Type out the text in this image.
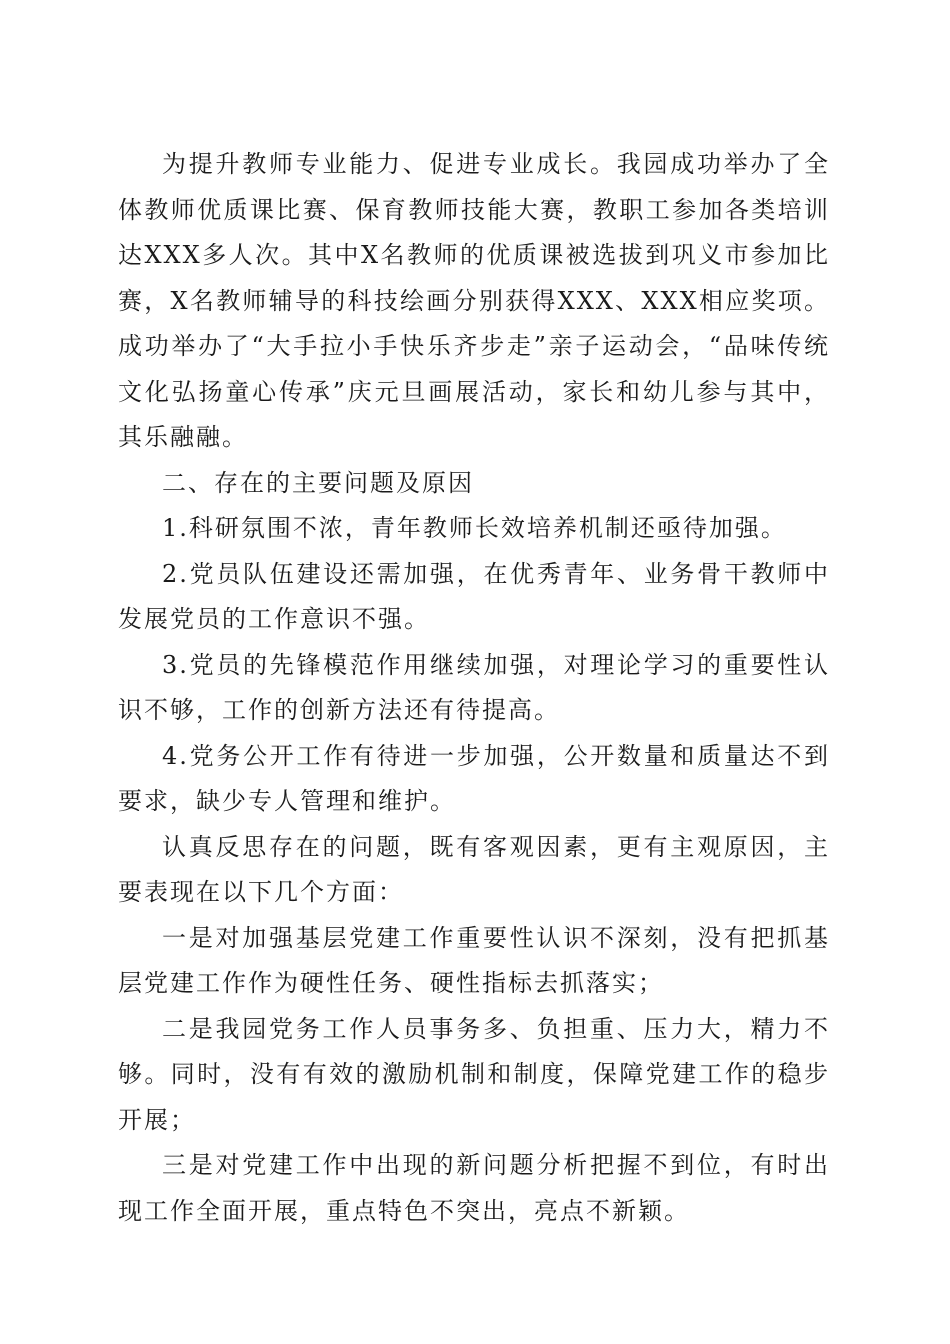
为提升教师专业能力、促进专业成长。我园成功举办了全体教师优质课比赛、保育教师技能大赛，教职工参加各类培训达XXX多人次。其中X名教师的优质课被选拔到巩义市参加比赛，X名教师辅导的科技绘画分别获得XXX、XXX相应奖项。成功举办了“大手拉小手快乐齐步走”亲子运动会，“品味传统文化弘扬童心传承”庆元旦画展活动，家长和幼儿参与其中，其乐融融。

二、存在的主要问题及原因

1.科研氛围不浓，青年教师长效培养机制还亟待加强。

2.党员队伍建设还需加强，在优秀青年、业务骨干教师中发展党员的工作意识不强。

3.党员的先锋模范作用继续加强，对理论学习的重要性认识不够，工作的创新方法还有待提高。

4.党务公开工作有待进一步加强，公开数量和质量达不到要求，缺少专人管理和维护。

认真反思存在的问题，既有客观因素，更有主观原因，主要表现在以下几个方面：

一是对加强基层党建工作重要性认识不深刻，没有把抓基层党建工作作为硬性任务、硬性指标去抓落实；

二是我园党务工作人员事务多、负担重、压力大，精力不够。同时，没有有效的激励机制和制度，保障党建工作的稳步开展；

三是对党建工作中出现的新问题分析把握不到位，有时出现工作全面开展，重点特色不突出，亮点不新颖。
